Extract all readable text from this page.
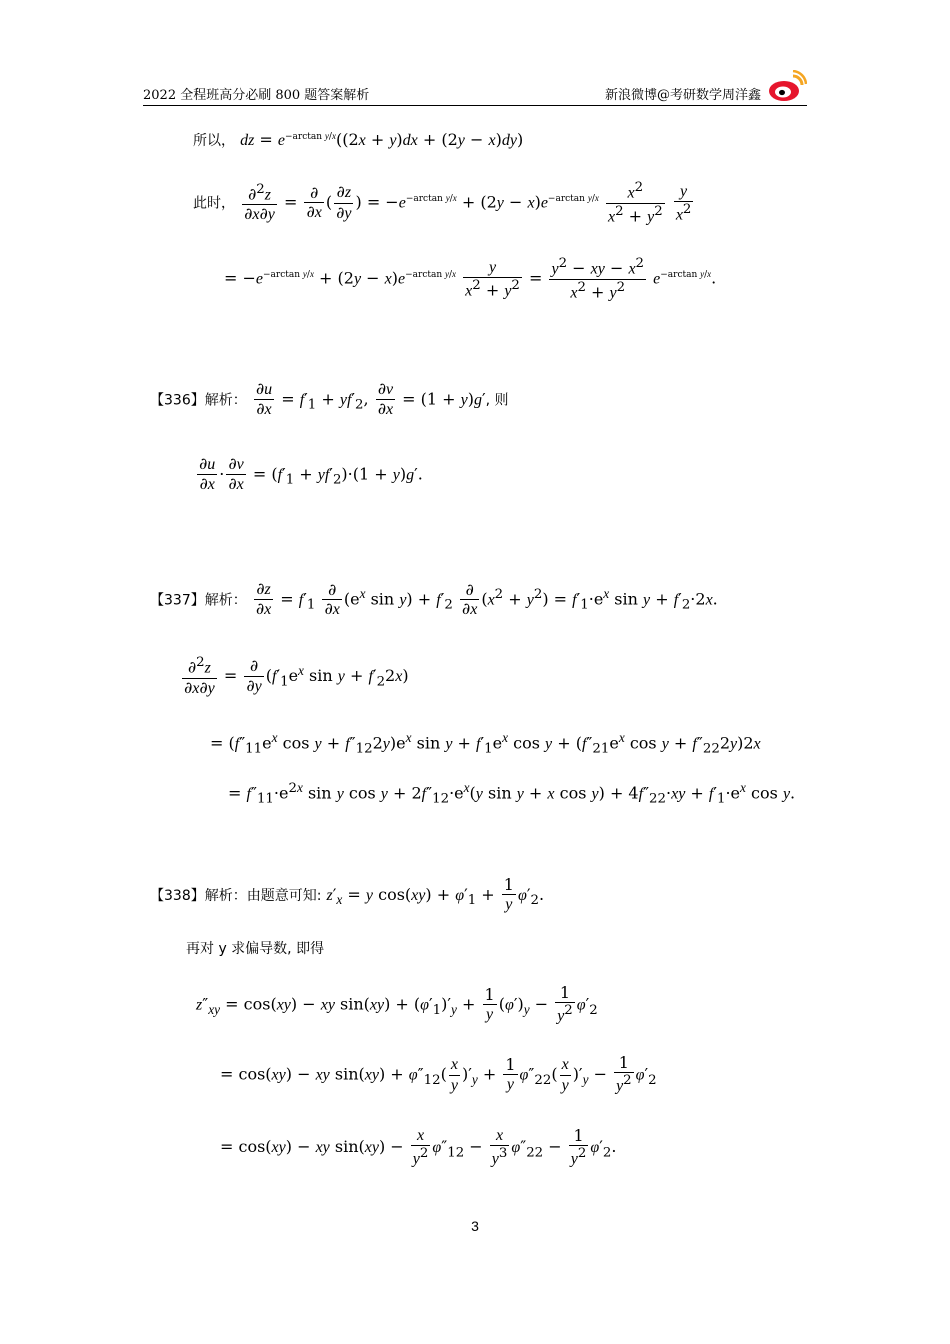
2022 全程班高分必刷 800 题答案解析	新浪微博@考研数学周洋鑫
所以， dz = $e^{-arctan y/x}((2x + y)dx + (2y - x)dy)$
此时， $\frac{\partial^2z}{\partial x\partial y} = \frac{\partial}{\partial x}$ ( $\frac{\partial z}{\partial y}$ ) = $-e^{-arctan y/x} + (2y - x)e^{-arctan y/x} \frac{x^2}{x^2 + y^2}$
$\frac{y}{x^2}$
= $-e^{-arctan y/x} + (2y - x)e^{-arctan y/x} \frac{y}{x^2 + y^2} = \frac{y^2 - xy - x^2}{x^2 + y^2} e^{-arctan y/x}$.
【336】解析： $\frac{\partial u}{\partial x} = f'_1 + yf'_2$, $\frac{\partial v}{\partial x} = (1 + y)g'$, 则
$\frac{\partial u}{\partial x} \cdot \frac{\partial v}{\partial x} = (f'_1 + yf'_2)\cdot(1 + y)g'$.
【337】解析： $\frac{\partial z}{\partial x} = f'_1 \frac{\partial}{\partial x} (e^x$ $\sin y) + f'_2 \frac{\partial}{\partial x} (x^2 + y^2) = f'_1\cdot e^x$ $\sin y + f'_2\cdot 2x$.
$\frac{\partial^2z}{\partial x\partial y} = \frac{\partial}{\partial y} (f'_1e^x$ $\sin y + f'_22x$)
= ($f''_{11}e^x$ $\cos y + f''_{12}2y)e^x$ $\sin y + f'_1e^x$ $\cos y + (f''_{21}e^x$ $\cos y + f''_{22}2y)2x$
= $f''_{11}\cdot e^{2x}$ sin y $\cos y + 2f''_{12}\cdot e^x(y$ sin y + x $\cos y) + 4f''_{22}\cdot xy + f'_1\cdot e^x$ cos y.
【338】解析：由题意可知: $z'_x = y$ $\cos(xy) + \varphi'_1 + \frac{1}{y} \varphi'_2$.
再对 y 求偏导数, 即得
$z''_{xy} = \cos(xy)$ − xy $\sin(xy) + (\varphi'_1)'_y + \frac{1}{y} (\varphi')_y - \frac{1}{y^2} \varphi'_2$
= cos(xy) − xy $\sin(xy) + \varphi''_{12}( \frac{x}{y} )'_y + \frac{1}{y} \varphi''_{22}( \frac{x}{y} )'_y - \frac{1}{y^2} \varphi'_2$
= cos(xy) − xy $\sin(xy) - \frac{x}{y^2} \varphi''_{12} - \frac{x}{y^3} \varphi''_{22} - \frac{1}{y^2} \varphi'_2$.
3
